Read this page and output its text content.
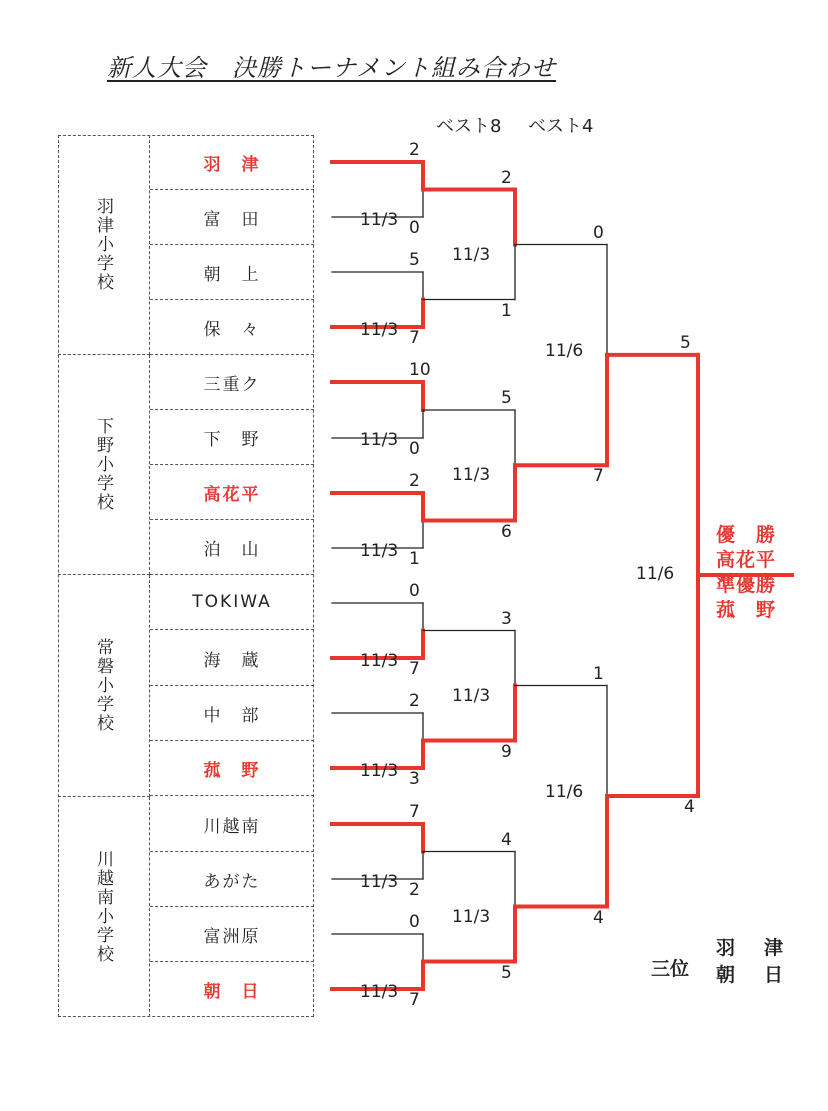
新人大会　決勝トーナメント組み合わせ
ベスト8 ベスト4
羽津小学校
下野小学校
常磐小学校
川越南小学校
羽　津
富　田
朝　上
保　々
三重ク
下　野
高花平
泊　山
TOKIWA
海　蔵
中　部
菰　野
川越南
あがた
富洲原
朝　日
2
0
11/3
5
7
11/3
10
0
11/3
2
1
11/3
0
7
11/3
2
3
11/3
7
2
11/3
0
7
11/3
2
1
11/3
5
6
11/3
3
9
11/3
4
5
11/3
0
7
11/6
1
4
11/6
5
4
11/6
優　勝
高花平
準優勝
菰　野
三位
羽　津
朝　日
